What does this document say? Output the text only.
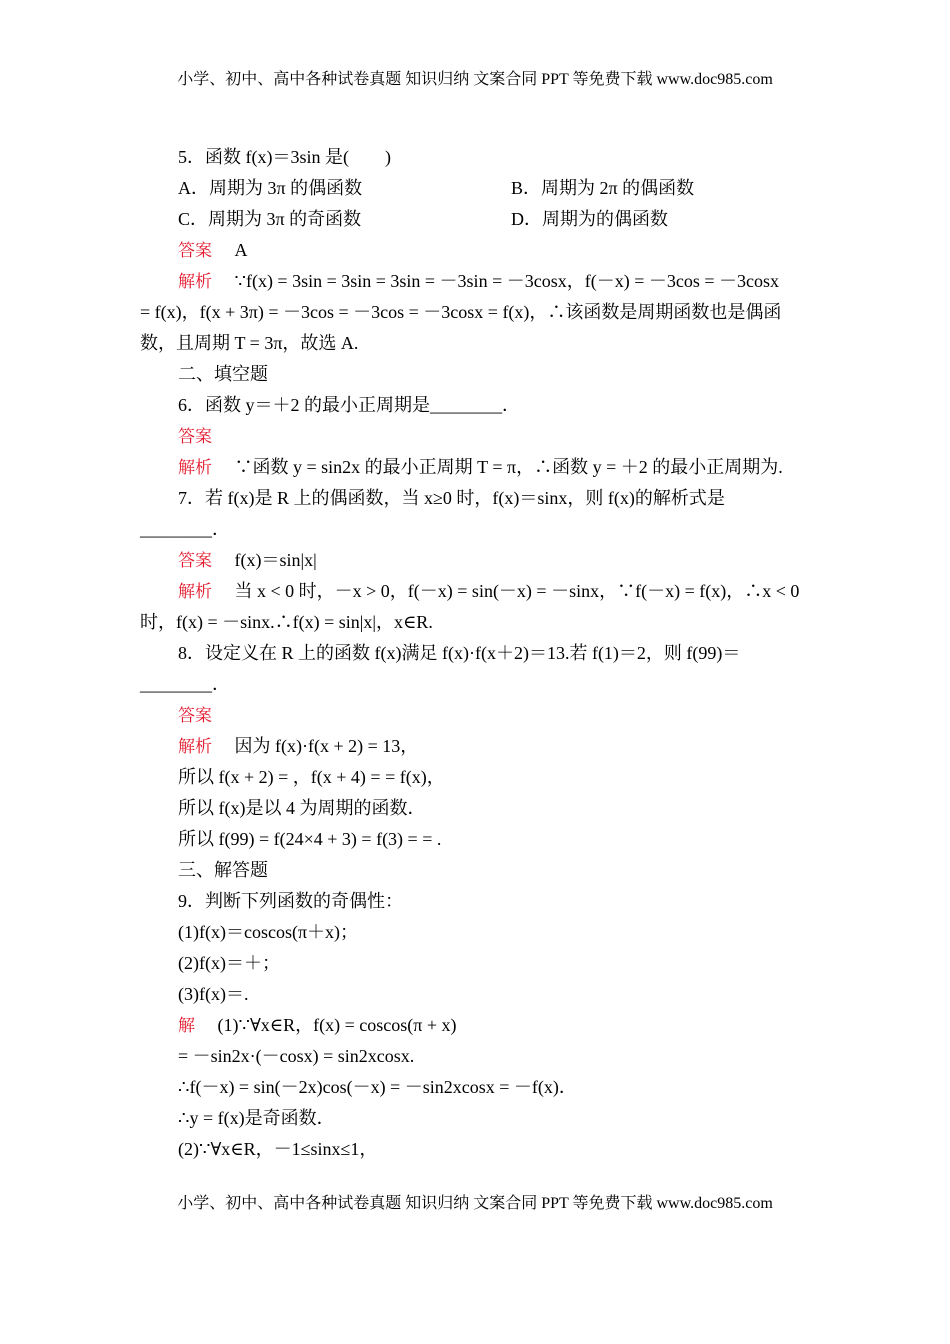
小学、初中、高中各种试卷真题 知识归纳 文案合同 PPT 等免费下载 www.doc985.com
5．函数 f(x)＝3sin 是(　　)
A．周期为 3π 的偶函数	B．周期为 2π 的偶函数
C．周期为 3π 的奇函数	D．周期为的偶函数
答案 A
解析 ∵f(x) = 3sin = 3sin = 3sin = －3sin = －3cosx，f(－x) = －3cos = －3cosx
= f(x)，f(x + 3π) = －3cos = －3cos = －3cosx = f(x)，∴该函数是周期函数也是偶函
数，且周期 T = 3π，故选 A.
二、填空题
6．函数 y＝＋2 的最小正周期是________．
答案
解析 ∵函数 y = sin2x 的最小正周期 T = π，∴函数 y = ＋2 的最小正周期为.
7．若 f(x)是 R 上的偶函数，当 x≥0 时，f(x)＝sinx，则 f(x)的解析式是
________．
答案 f(x)＝sin|x|
解析 当 x < 0 时，－x > 0，f(－x) = sin(－x) = －sinx，∵f(－x) = f(x)，∴x < 0
时，f(x) = －sinx.∴f(x) = sin|x|，x∈R.
8．设定义在 R 上的函数 f(x)满足 f(x)·f(x＋2)＝13.若 f(1)＝2，则 f(99)＝
________．
答案
解析 因为 f(x)·f(x + 2) = 13，
所以 f(x + 2) = ，f(x + 4) = = f(x)，
所以 f(x)是以 4 为周期的函数．
所以 f(99) = f(24×4 + 3) = f(3) = = .
三、解答题
9．判断下列函数的奇偶性：
(1)f(x)＝coscos(π＋x)；
(2)f(x)＝＋；
(3)f(x)＝.
解 (1)∵∀x∈R，f(x) = coscos(π + x)
= －sin2x·(－cosx) = sin2xcosx.
∴f(－x) = sin(－2x)cos(－x) = －sin2xcosx = －f(x)．
∴y = f(x)是奇函数．
(2)∵∀x∈R，－1≤sinx≤1，
小学、初中、高中各种试卷真题 知识归纳 文案合同 PPT 等免费下载 www.doc985.com
